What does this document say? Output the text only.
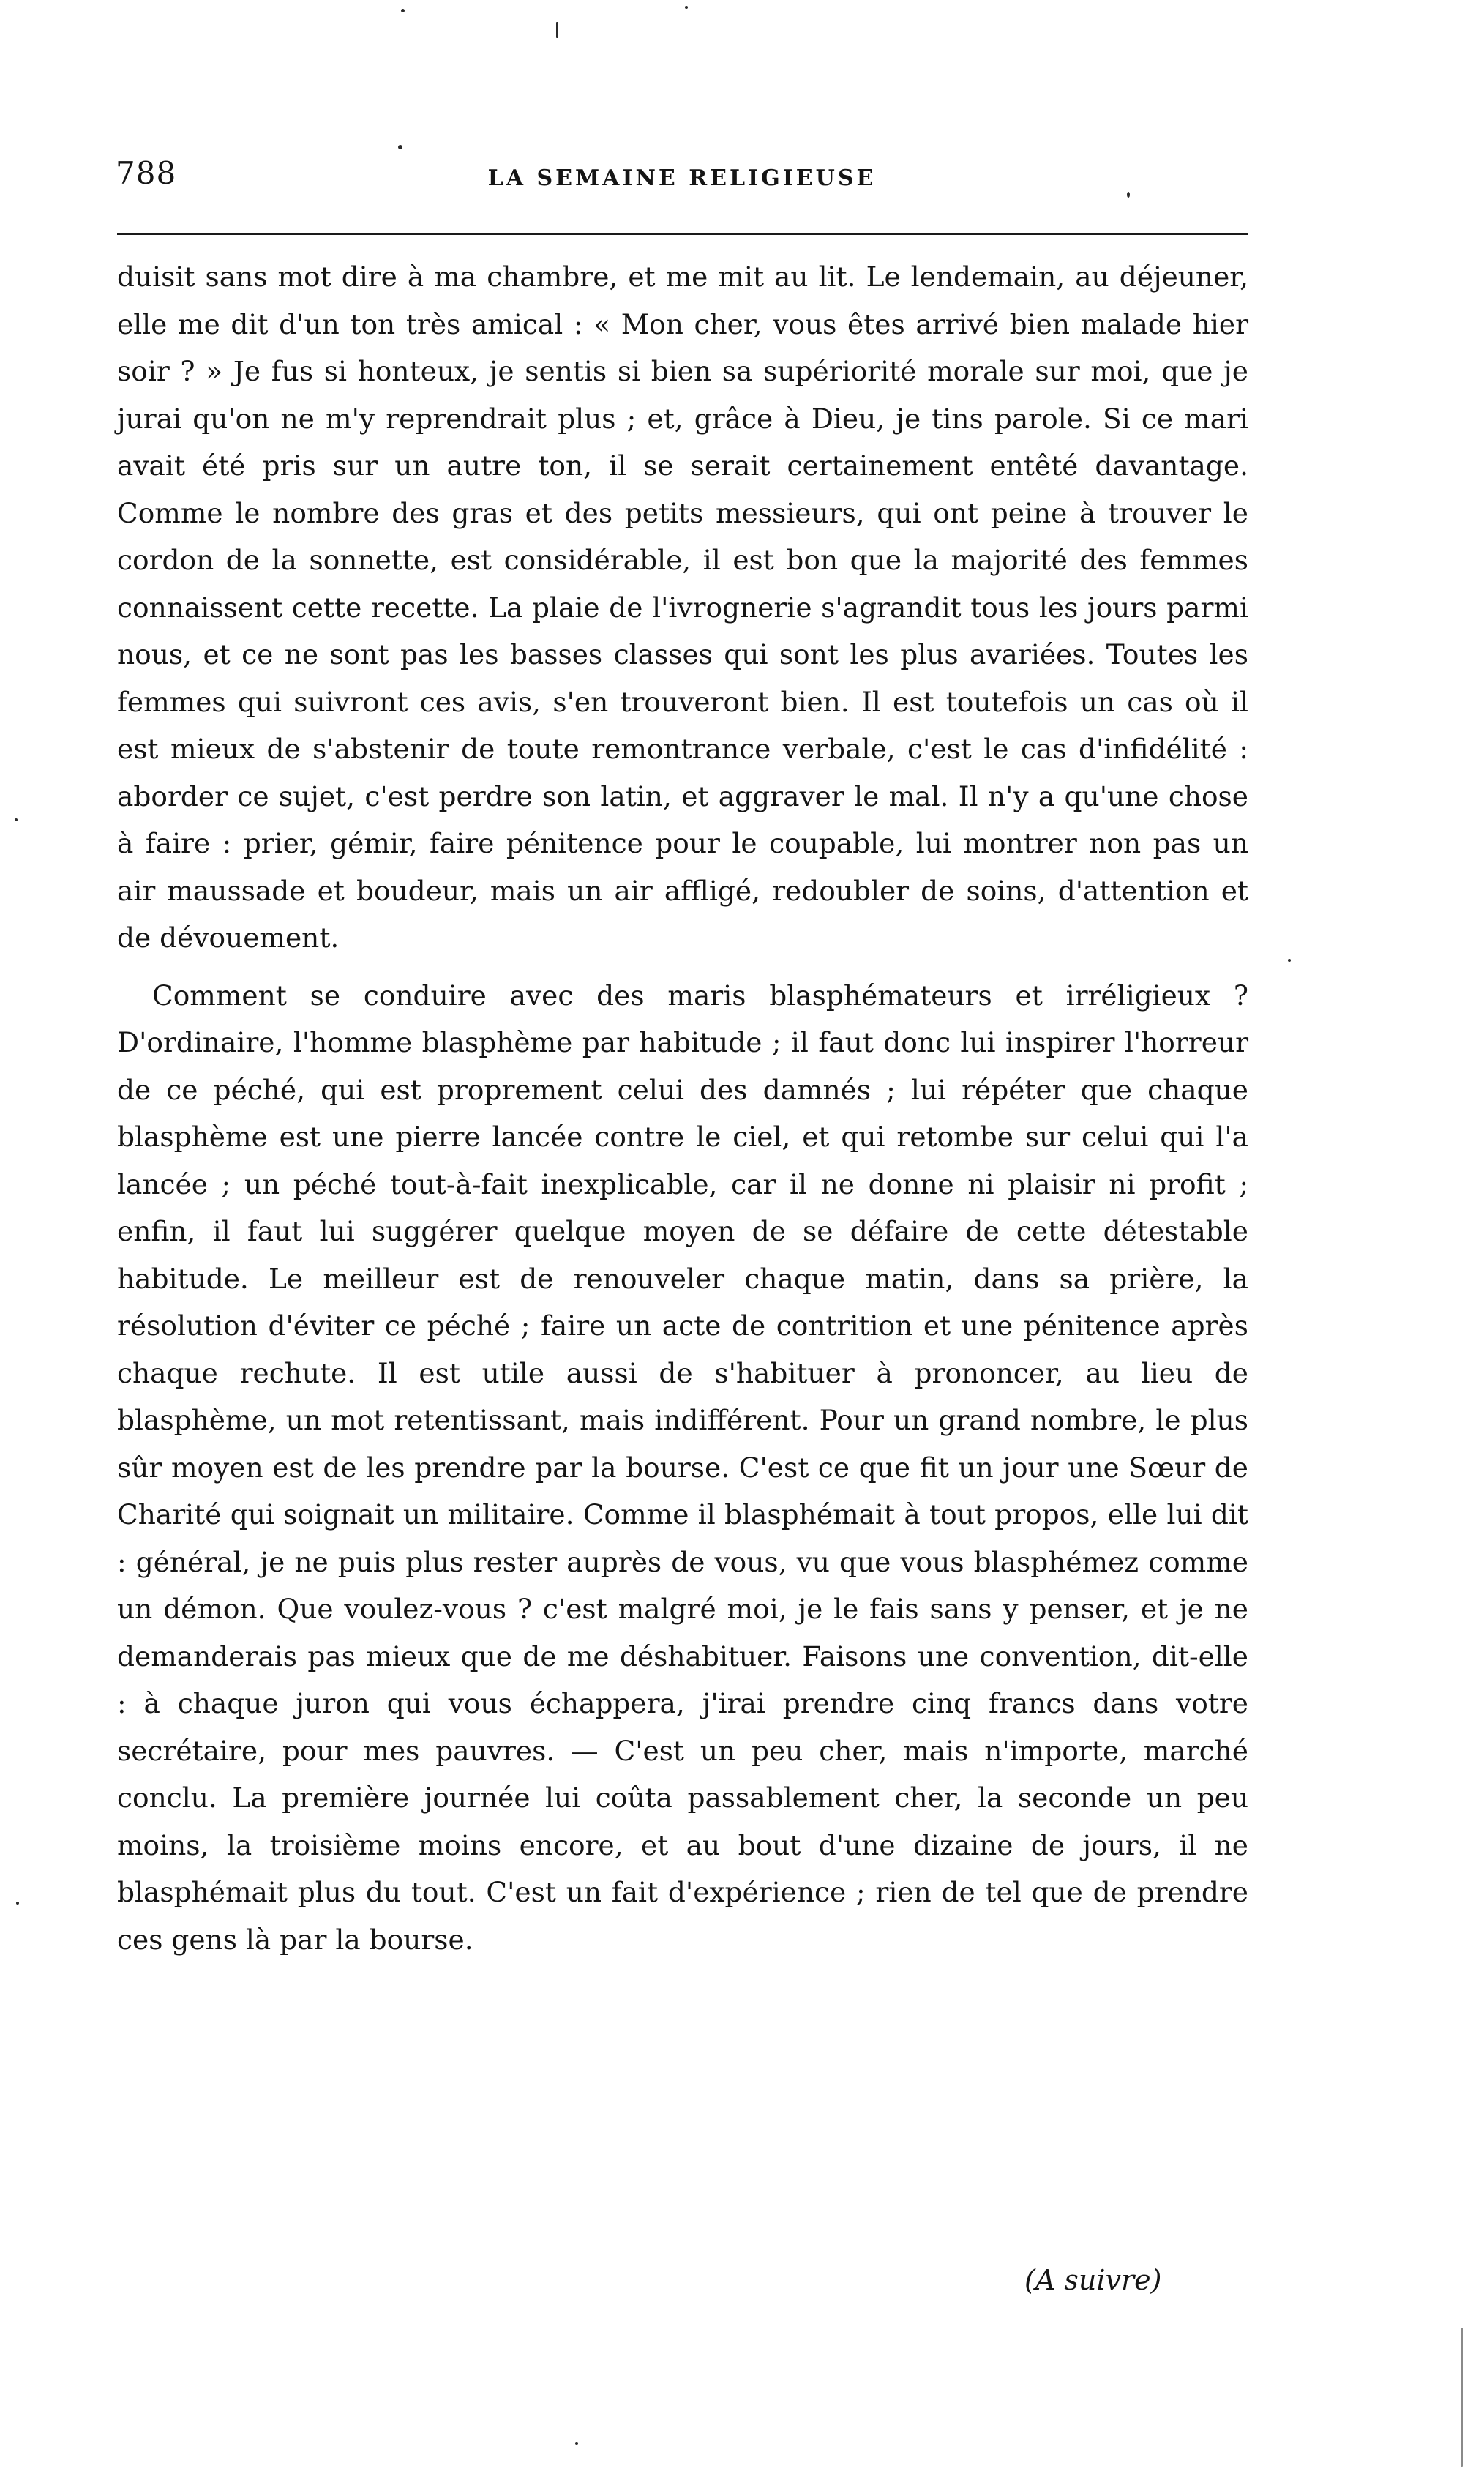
788	LA SEMAINE RELIGIEUSE

duisit sans mot dire à ma chambre, et me mit au lit. Le lendemain, au déjeuner, elle me dit d'un ton très amical : « Mon cher, vous êtes arrivé bien malade hier soir ? » Je fus si honteux, je sentis si bien sa supériorité morale sur moi, que je jurai qu'on ne m'y reprendrait plus ; et, grâce à Dieu, je tins parole. Si ce mari avait été pris sur un autre ton, il se serait certainement entêté davantage. Comme le nombre des gras et des petits messieurs, qui ont peine à trouver le cordon de la sonnette, est considérable, il est bon que la majorité des femmes connaissent cette recette. La plaie de l'ivrognerie s'agrandit tous les jours parmi nous, et ce ne sont pas les basses classes qui sont les plus avariées. Toutes les femmes qui suivront ces avis, s'en trouveront bien. Il est toutefois un cas où il est mieux de s'abstenir de toute remontrance verbale, c'est le cas d'infidélité : aborder ce sujet, c'est perdre son latin, et aggraver le mal. Il n'y a qu'une chose à faire : prier, gémir, faire pénitence pour le coupable, lui montrer non pas un air maussade et boudeur, mais un air affligé, redoubler de soins, d'attention et de dévouement.

Comment se conduire avec des maris blasphémateurs et irréligieux ? D'ordinaire, l'homme blasphème par habitude ; il faut donc lui inspirer l'horreur de ce péché, qui est proprement celui des damnés ; lui répéter que chaque blasphème est une pierre lancée contre le ciel, et qui retombe sur celui qui l'a lancée ; un péché tout-à-fait inexplicable, car il ne donne ni plaisir ni profit ; enfin, il faut lui suggérer quelque moyen de se défaire de cette détestable habitude. Le meilleur est de renouveler chaque matin, dans sa prière, la résolution d'éviter ce péché ; faire un acte de contrition et une pénitence après chaque rechute. Il est utile aussi de s'habituer à prononcer, au lieu de blasphème, un mot retentissant, mais indifférent. Pour un grand nombre, le plus sûr moyen est de les prendre par la bourse. C'est ce que fit un jour une Sœur de Charité qui soignait un militaire. Comme il blasphémait à tout propos, elle lui dit : général, je ne puis plus rester auprès de vous, vu que vous blasphémez comme un démon. Que voulez-vous ? c'est malgré moi, je le fais sans y penser, et je ne demanderais pas mieux que de me déshabituer. Faisons une convention, dit-elle : à chaque juron qui vous échappera, j'irai prendre cinq francs dans votre secrétaire, pour mes pauvres. — C'est un peu cher, mais n'importe, marché conclu. La première journée lui coûta passablement cher, la seconde un peu moins, la troisième moins encore, et au bout d'une dizaine de jours, il ne blasphémait plus du tout. C'est un fait d'expérience ; rien de tel que de prendre ces gens là par la bourse.

(A suivre)
